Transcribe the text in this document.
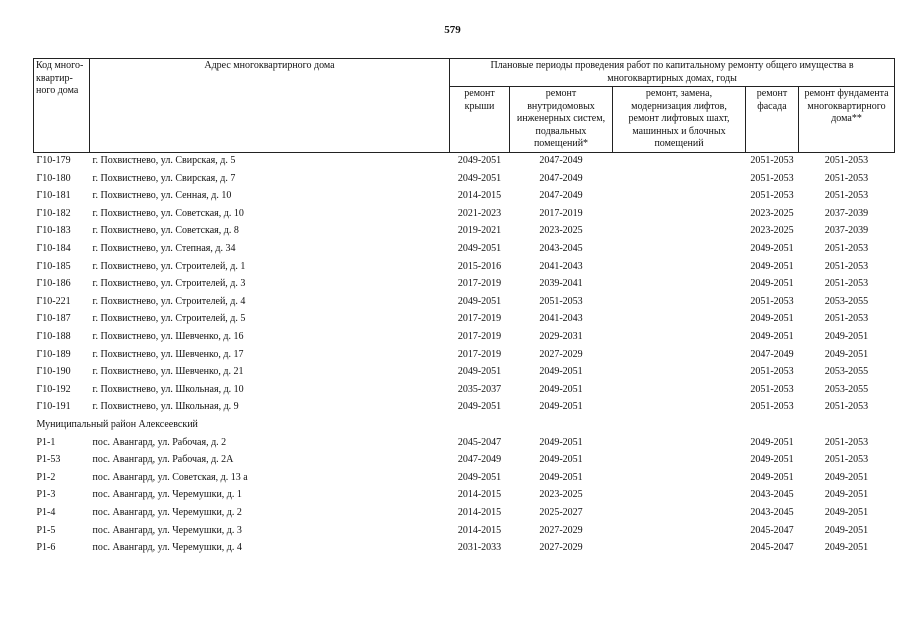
579
Код много-квартир-ного дома	Адрес многоквартирного дома	Плановые периоды проведения работ по капитальному ремонту общего имущества в многоквартирных домах, годы				
		ремонт крыши	ремонт внутридомовых инженерных систем, подвальных помещений*	ремонт, замена, модернизация лифтов, ремонт лифтовых шахт, машинных и блочных помещений	ремонт фасада	ремонт фундамента многоквартирного дома**
Г10-179	г. Похвистнево, ул. Свирская, д. 5	2049-2051	2047-2049		2051-2053	2051-2053
Г10-180	г. Похвистнево, ул. Свирская, д. 7	2049-2051	2047-2049		2051-2053	2051-2053
Г10-181	г. Похвистнево, ул. Сенная, д. 10	2014-2015	2047-2049		2051-2053	2051-2053
Г10-182	г. Похвистнево, ул. Советская, д. 10	2021-2023	2017-2019		2023-2025	2037-2039
Г10-183	г. Похвистнево, ул. Советская, д. 8	2019-2021	2023-2025		2023-2025	2037-2039
Г10-184	г. Похвистнево, ул. Степная, д. 34	2049-2051	2043-2045		2049-2051	2051-2053
Г10-185	г. Похвистнево, ул. Строителей, д. 1	2015-2016	2041-2043		2049-2051	2051-2053
Г10-186	г. Похвистнево, ул. Строителей, д. 3	2017-2019	2039-2041		2049-2051	2051-2053
Г10-221	г. Похвистнево, ул. Строителей, д. 4	2049-2051	2051-2053		2051-2053	2053-2055
Г10-187	г. Похвистнево, ул. Строителей, д. 5	2017-2019	2041-2043		2049-2051	2051-2053
Г10-188	г. Похвистнево, ул. Шевченко, д. 16	2017-2019	2029-2031		2049-2051	2049-2051
Г10-189	г. Похвистнево, ул. Шевченко, д. 17	2017-2019	2027-2029		2047-2049	2049-2051
Г10-190	г. Похвистнево, ул. Шевченко, д. 21	2049-2051	2049-2051		2051-2053	2053-2055
Г10-192	г. Похвистнево, ул. Школьная, д. 10	2035-2037	2049-2051		2051-2053	2053-2055
Г10-191	г. Похвистнево, ул. Школьная, д. 9	2049-2051	2049-2051		2051-2053	2051-2053
Муниципальный район Алексеевский						
Р1-1	пос. Авангард, ул. Рабочая, д. 2	2045-2047	2049-2051		2049-2051	2051-2053
Р1-53	пос. Авангард, ул. Рабочая, д. 2А	2047-2049	2049-2051		2049-2051	2051-2053
Р1-2	пос. Авангард, ул. Советская, д. 13 а	2049-2051	2049-2051		2049-2051	2049-2051
Р1-3	пос. Авангард, ул. Черемушки, д. 1	2014-2015	2023-2025		2043-2045	2049-2051
Р1-4	пос. Авангард, ул. Черемушки, д. 2	2014-2015	2025-2027		2043-2045	2049-2051
Р1-5	пос. Авангард, ул. Черемушки, д. 3	2014-2015	2027-2029		2045-2047	2049-2051
Р1-6	пос. Авангард, ул. Черемушки, д. 4	2031-2033	2027-2029		2045-2047	2049-2051
